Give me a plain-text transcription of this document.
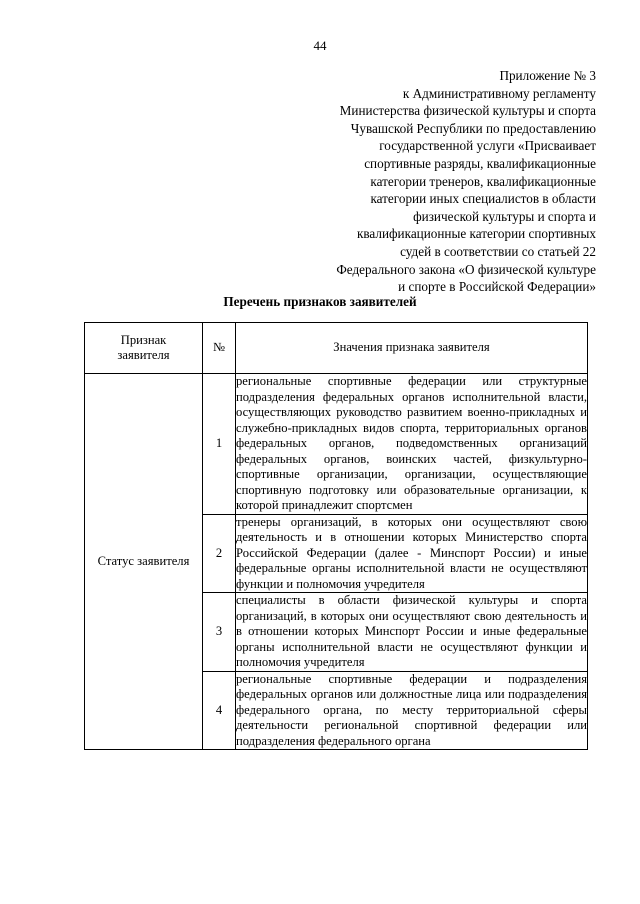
44
Приложение № 3
к Административному регламенту
Министерства физической культуры и спорта
Чувашской Республики по предоставлению
государственной услуги «Присваивает
спортивные разряды, квалификационные
категории тренеров, квалификационные
категории иных специалистов в области
физической культуры и спорта и
квалификационные категории спортивных
судей в соответствии со статьей 22
Федерального закона «О физической культуре
и спорте в Российской Федерации»
Перечень признаков заявителей
Признак
заявителя	№	Значения признака заявителя
Статус заявителя	1	региональные спортивные федерации или структурные подразделения федеральных органов исполнительной власти, осуществляющих руководство развитием военно-прикладных и служебно-прикладных видов спорта, территориальных органов федеральных органов, подведомственных организаций федеральных органов, воинских частей, физкультурно-спортивные организации, организации, осуществляющие спортивную подготовку или образовательные организации, к которой принадлежит спортсмен
	2	тренеры организаций, в которых они осуществляют свою деятельность и в отношении которых Министерство спорта Российской Федерации (далее - Минспорт России) и иные федеральные органы исполнительной власти не осуществляют функции и полномочия учредителя
	3	специалисты в области физической культуры и спорта организаций, в которых они осуществляют свою деятельность и в отношении которых Минспорт России и иные федеральные органы исполнительной власти не осуществляют функции и полномочия учредителя
	4	региональные спортивные федерации и подразделения федеральных органов или должностные лица или подразделения федерального органа, по месту территориальной сферы деятельности региональной спортивной федерации или подразделения федерального органа
